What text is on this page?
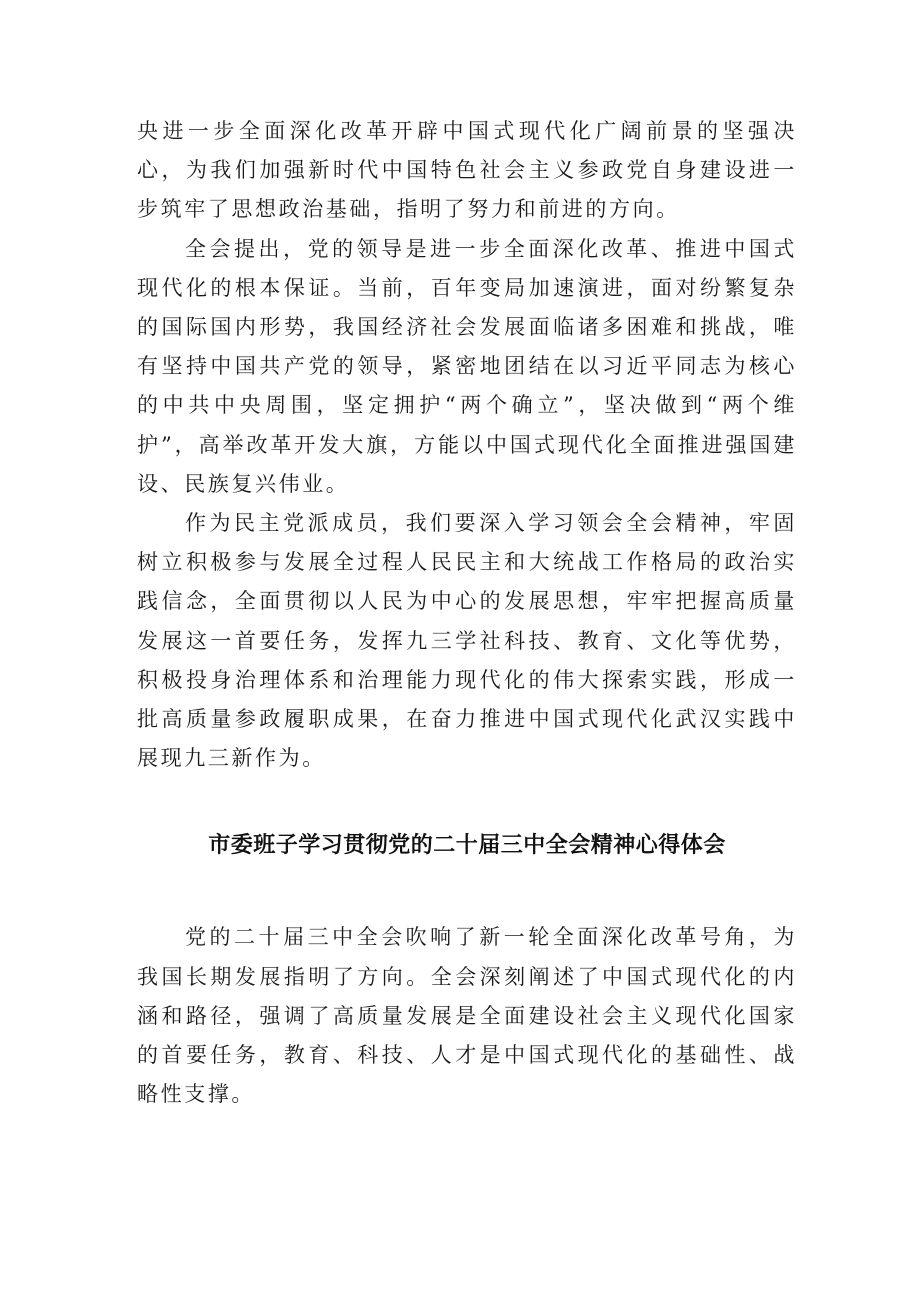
央进一步全面深化改革开辟中国式现代化广阔前景的坚强决心，为我们加强新时代中国特色社会主义参政党自身建设进一步筑牢了思想政治基础，指明了努力和前进的方向。

全会提出，党的领导是进一步全面深化改革、推进中国式现代化的根本保证。当前，百年变局加速演进，面对纷繁复杂的国际国内形势，我国经济社会发展面临诸多困难和挑战，唯有坚持中国共产党的领导，紧密地团结在以习近平同志为核心的中共中央周围，坚定拥护“两个确立”，坚决做到“两个维护”，高举改革开发大旗，方能以中国式现代化全面推进强国建设、民族复兴伟业。

作为民主党派成员，我们要深入学习领会全会精神，牢固树立积极参与发展全过程人民民主和大统战工作格局的政治实践信念，全面贯彻以人民为中心的发展思想，牢牢把握高质量发展这一首要任务，发挥九三学社科技、教育、文化等优势，积极投身治理体系和治理能力现代化的伟大探索实践，形成一批高质量参政履职成果，在奋力推进中国式现代化武汉实践中展现九三新作为。

市委班子学习贯彻党的二十届三中全会精神心得体会

党的二十届三中全会吹响了新一轮全面深化改革号角，为我国长期发展指明了方向。全会深刻阐述了中国式现代化的内涵和路径，强调了高质量发展是全面建设社会主义现代化国家的首要任务，教育、科技、人才是中国式现代化的基础性、战略性支撑。
